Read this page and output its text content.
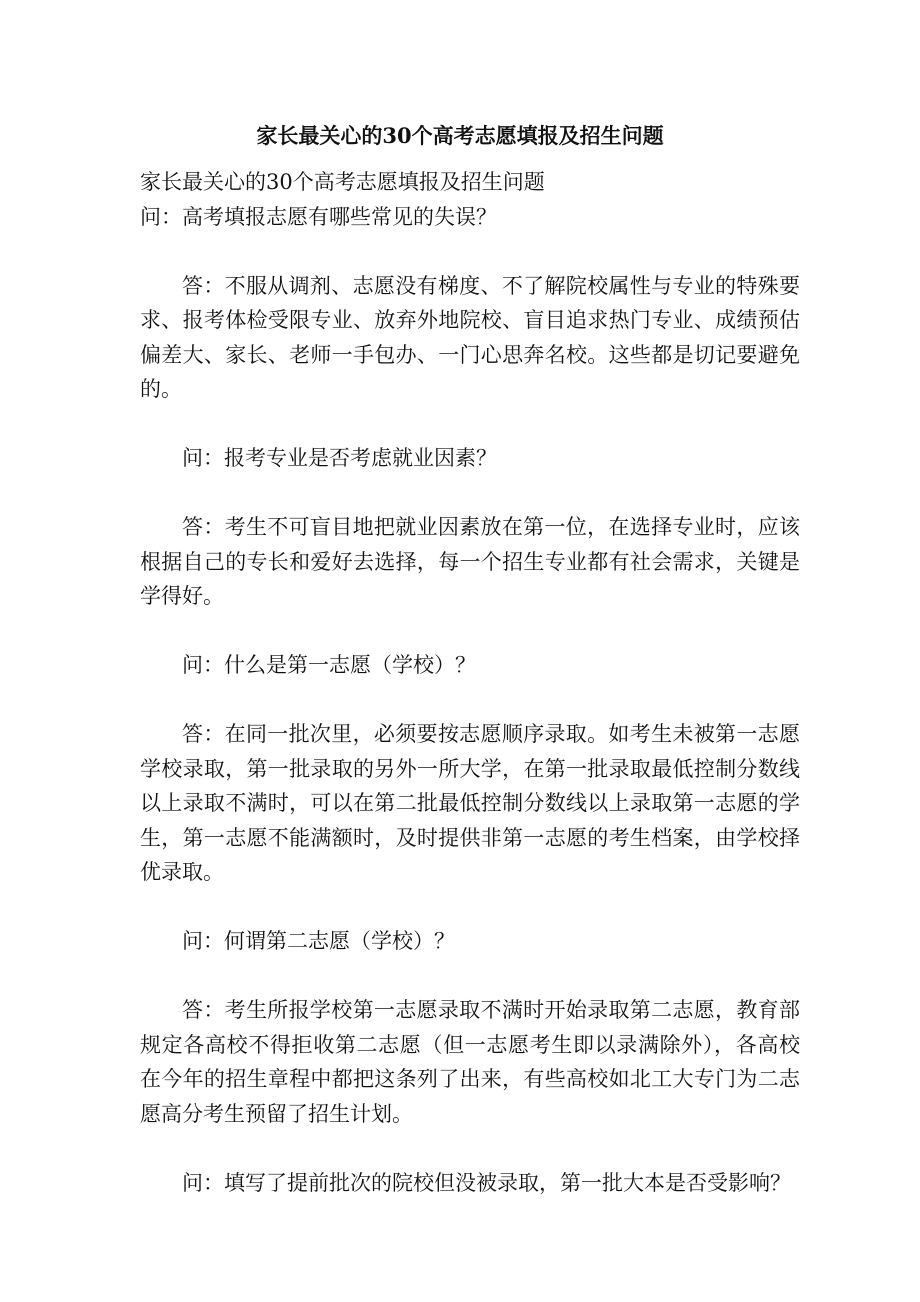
家长最关心的30个高考志愿填报及招生问题

家长最关心的30个高考志愿填报及招生问题

问：高考填报志愿有哪些常见的失误？

答：不服从调剂、志愿没有梯度、不了解院校属性与专业的特殊要求、报考体检受限专业、放弃外地院校、盲目追求热门专业、成绩预估偏差大、家长、老师一手包办、一门心思奔名校。这些都是切记要避免的。

问：报考专业是否考虑就业因素？

答：考生不可盲目地把就业因素放在第一位，在选择专业时，应该根据自己的专长和爱好去选择，每一个招生专业都有社会需求，关键是学得好。

问：什么是第一志愿（学校）？

答：在同一批次里，必须要按志愿顺序录取。如考生未被第一志愿学校录取，第一批录取的另外一所大学，在第一批录取最低控制分数线以上录取不满时，可以在第二批最低控制分数线以上录取第一志愿的学生，第一志愿不能满额时，及时提供非第一志愿的考生档案，由学校择优录取。

问：何谓第二志愿（学校）？

答：考生所报学校第一志愿录取不满时开始录取第二志愿，教育部规定各高校不得拒收第二志愿（但一志愿考生即以录满除外），各高校在今年的招生章程中都把这条列了出来，有些高校如北工大专门为二志愿高分考生预留了招生计划。

问：填写了提前批次的院校但没被录取，第一批大本是否受影响？
